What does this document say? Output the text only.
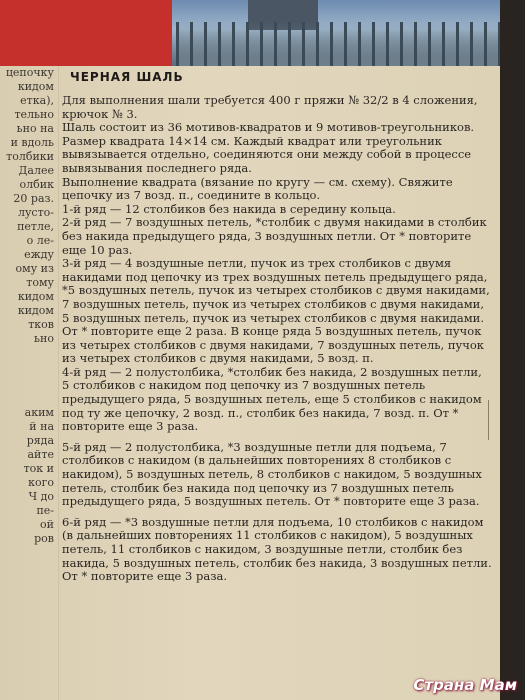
цепочку
кидом
етка),
тельно
ьно на
и вдоль
толбики
Далее
олбик
20 раз.
лусто-
петле,
о ле-
ежду
ому из
тому
кидом
кидом
тков
ьно
аким
й на
ряда
айте
ток и
кого
Ч до
пе-
ой
ров
ЧЕРНАЯ ШАЛЬ

Для выполнения шали требуется 400 г пряжи № 32/2 в 4 сложения, крючок № 3.

Шаль состоит из 36 мотивов-квадратов и 9 мотивов-треугольников. Размер квадрата 14×14 см. Каждый квадрат или треугольник вывязывается отдельно, соединяются они между собой в процессе вывязывания последнего ряда.

Выполнение квадрата (вязание по кругу — см. схему). Свяжите цепочку из 7 возд. п., соедините в кольцо.

1-й ряд — 12 столбиков без накида в середину кольца.

2-й ряд — 7 воздушных петель, *столбик с двумя накидами в столбик без накида предыдущего ряда, 3 воздушных петли. От * повторите еще 10 раз.

3-й ряд — 4 воздушные петли, пучок из трех столбиков с двумя накидами под цепочку из трех воздушных петель предыдущего ряда, *5 воздушных петель, пучок из четырех столбиков с двумя накидами, 7 воздушных петель, пучок из четырех столбиков с двумя накидами, 5 воздушных петель, пучок из четырех столбиков с двумя накидами. От * повторите еще 2 раза. В конце ряда 5 воздушных петель, пучок из четырех столбиков с двумя накидами, 7 воздушных петель, пучок из четырех столбиков с двумя накидами, 5 возд. п.

4-й ряд — 2 полустолбика, *столбик без накида, 2 воздушных петли, 5 столбиков с накидом под цепочку из 7 воздушных петель предыдущего ряда, 5 воздушных петель, еще 5 столбиков с накидом под ту же цепочку, 2 возд. п., столбик без накида, 7 возд. п. От * повторите еще 3 раза.

5-й ряд — 2 полустолбика, *3 воздушные петли для подъема, 7 столбиков с накидом (в дальнейших повторениях 8 столбиков с накидом), 5 воздушных петель, 8 столбиков с накидом, 5 воздушных петель, столбик без накида под цепочку из 7 воздушных петель предыдущего ряда, 5 воздушных петель. От * повторите еще 3 раза.

6-й ряд — *3 воздушные петли для подъема, 10 столбиков с накидом (в дальнейших повторениях 11 столбиков с накидом), 5 воздушных петель, 11 столбиков с накидом, 3 воздушные петли, столбик без накида, 5 воздушных петель, столбик без накида, 3 воздушных петли. От * повторите еще 3 раза.

Страна Мам
